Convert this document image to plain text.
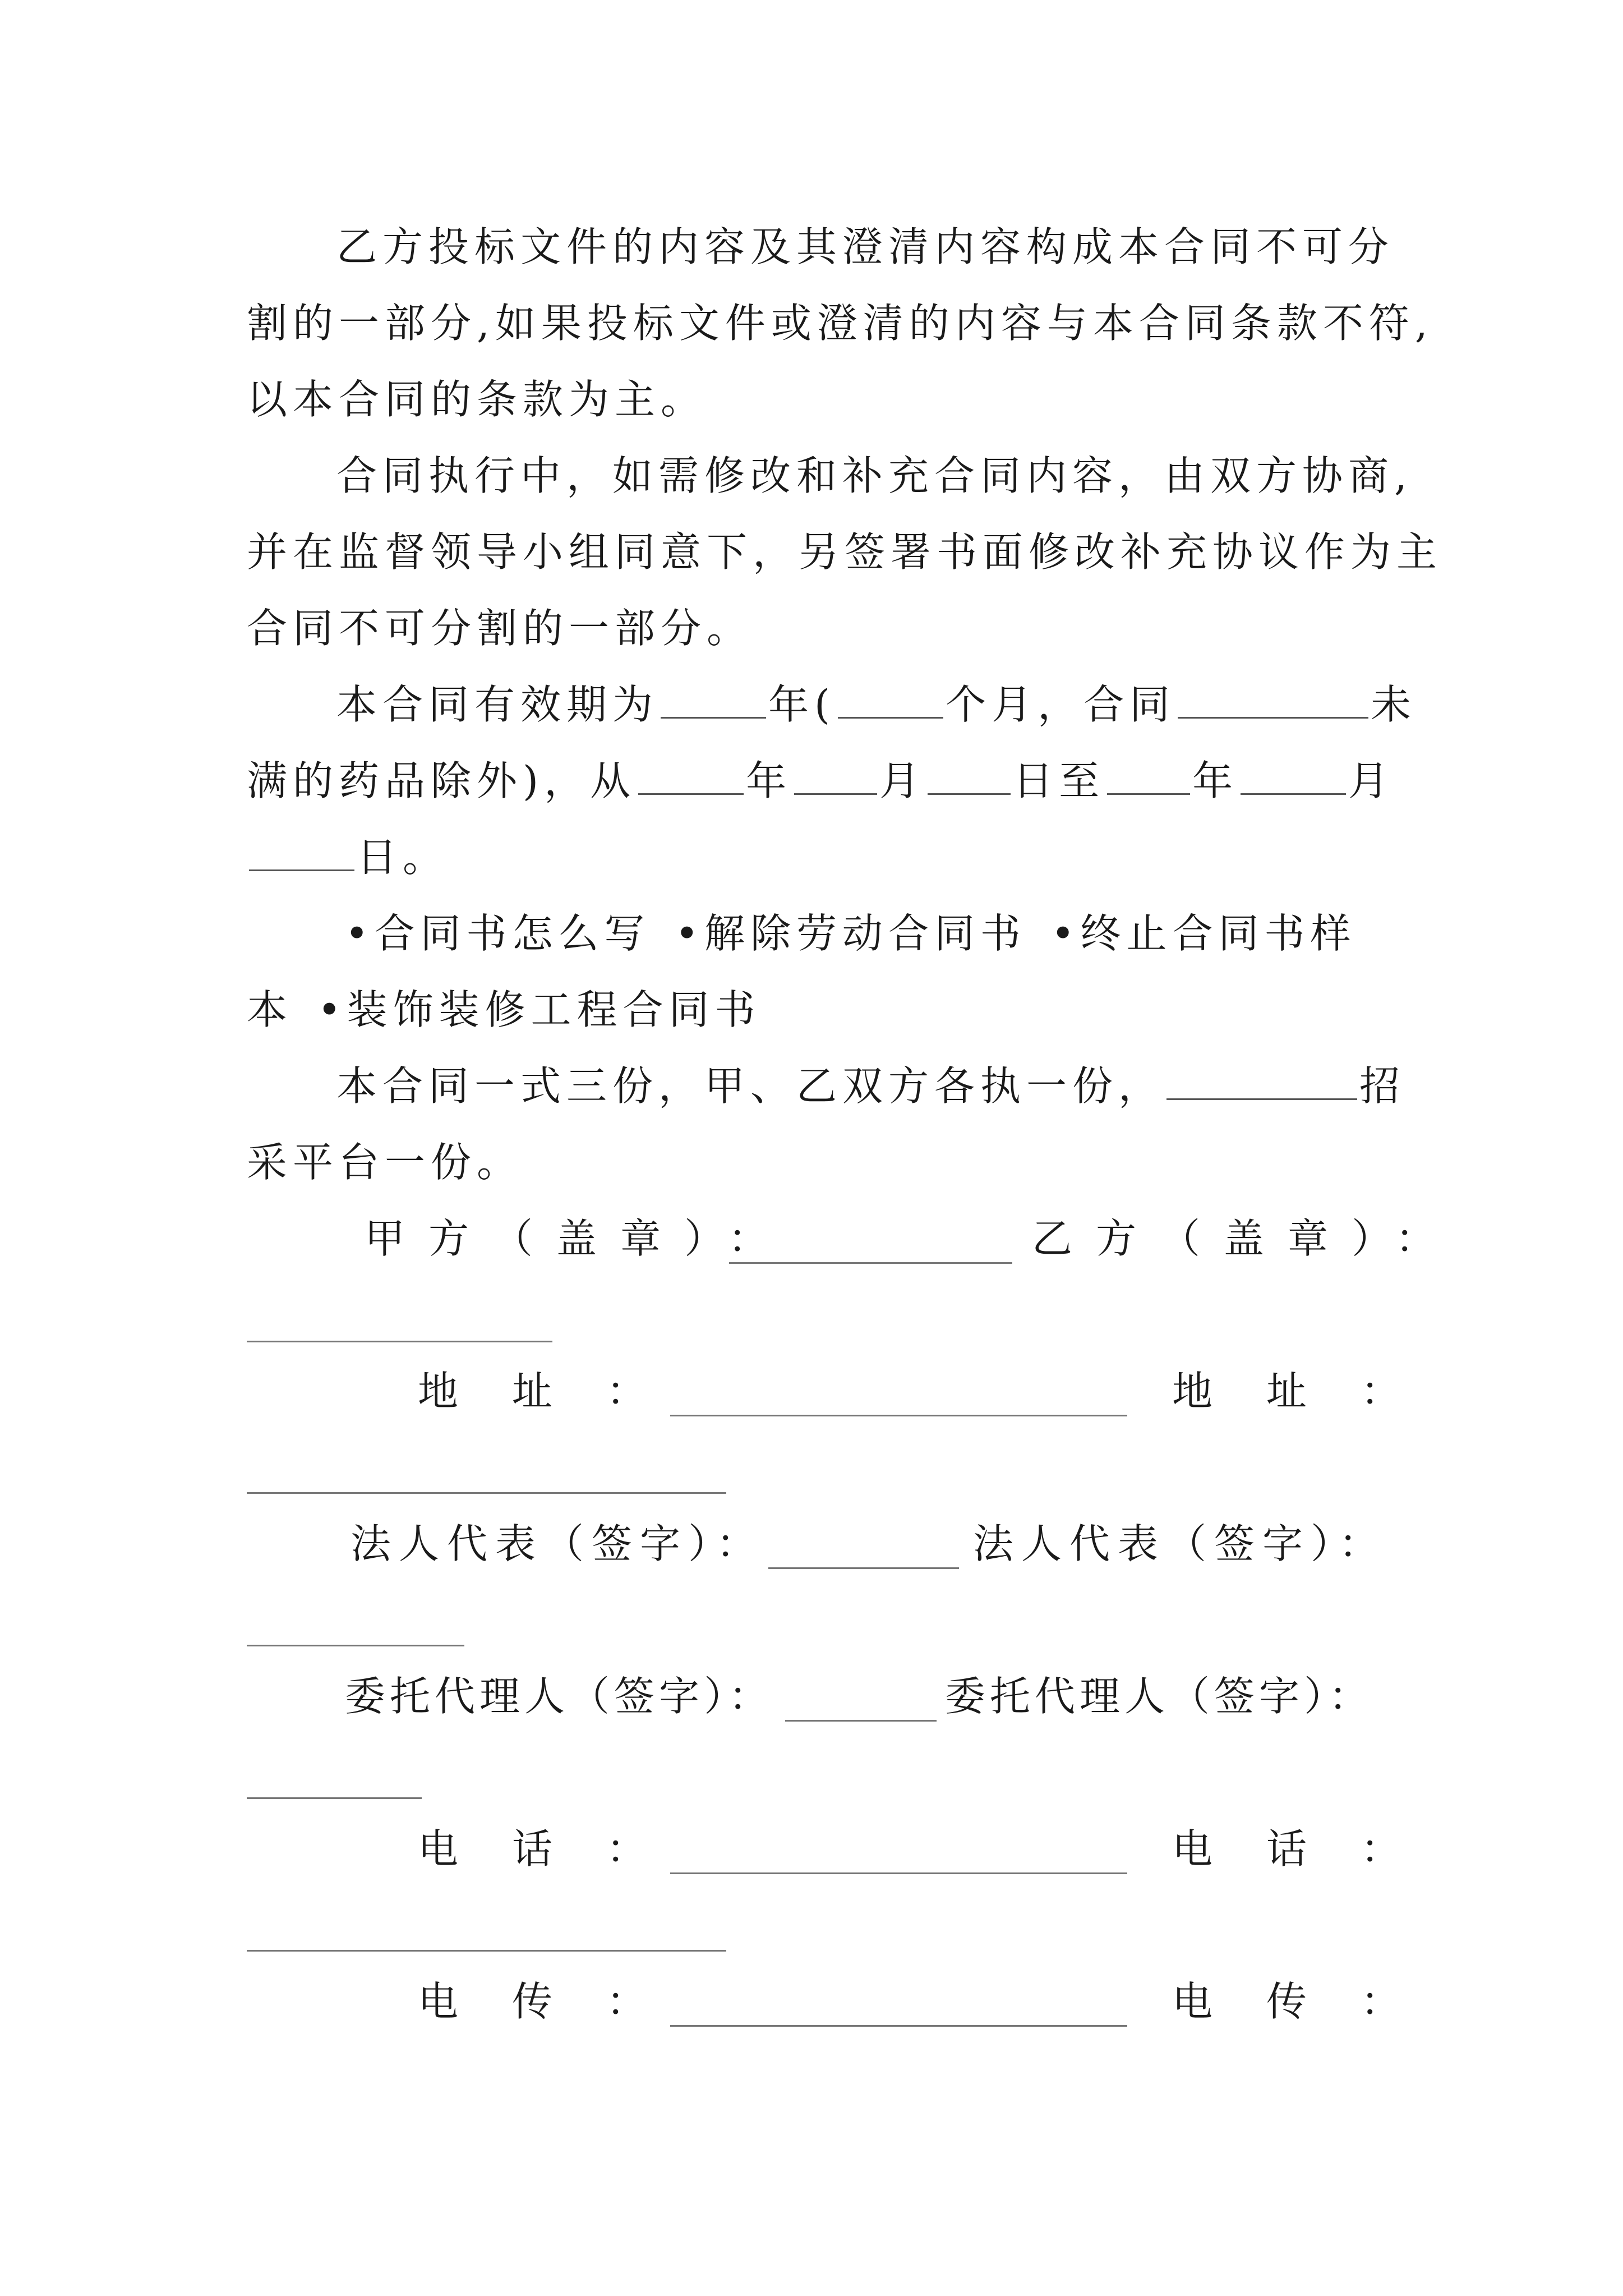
乙方投标文件的内容及其澄清内容构成本合同不可分
割的一部分,如果投标文件或澄清的内容与本合同条款不符,
以本合同的条款为主。
合同执行中，如需修改和补充合同内容，由双方协商,
并在监督领导小组同意下，另签署书面修改补充协议作为主
合同不可分割的一部分。
本合同有效期为	年(	个月，合同	未
满的药品除外)，从	年 月 日至 年	月
日。
•合同书怎么写 •解除劳动合同书 •终止合同书样
本 •装饰装修工程合同书
本合同一式三份，甲、乙双方各执一份，	招
采平台一份。
甲方（盖章）：	乙方（盖章）：
地址：	地址：
法人代表（签字）：	法人代表（签字）：
委托代理人（签字）：	委托代理人（签字）：
电话：	电话：
电传：	电传：
